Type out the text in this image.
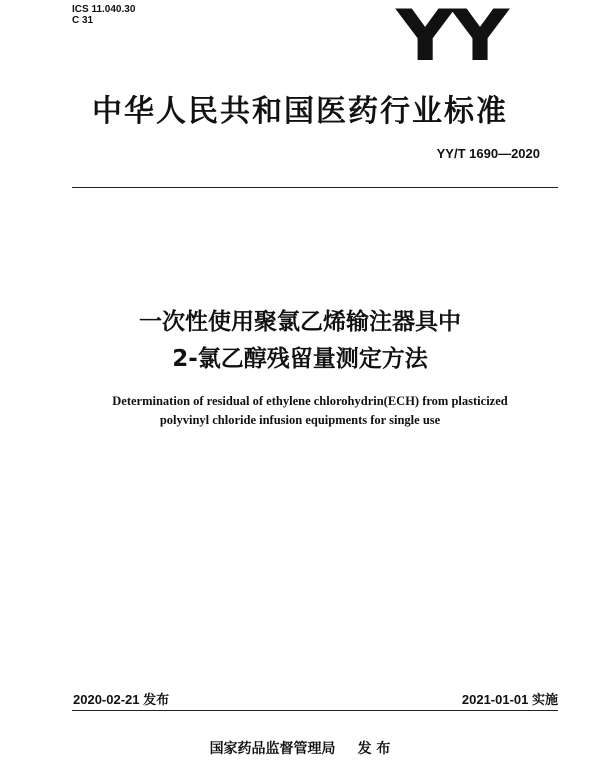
ICS 11.040.30
C 31	YY
中华人民共和国医药行业标准
YY/T 1690—2020
一次性使用聚氯乙烯输注器具中
2-氯乙醇残留量测定方法
Determination of residual of ethylene chlorohydrin(ECH) from plasticized
polyvinyl chloride infusion equipments for single use
2020-02-21 发布	2021-01-01 实施
国家药品监督管理局 发 布
